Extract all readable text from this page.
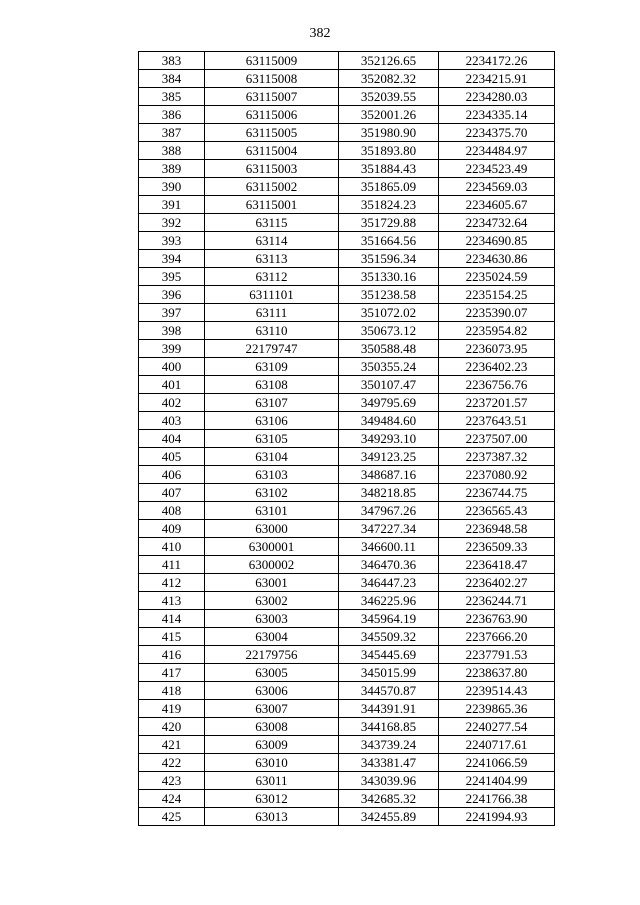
382
383	63115009	352126.65	2234172.26
384	63115008	352082.32	2234215.91
385	63115007	352039.55	2234280.03
386	63115006	352001.26	2234335.14
387	63115005	351980.90	2234375.70
388	63115004	351893.80	2234484.97
389	63115003	351884.43	2234523.49
390	63115002	351865.09	2234569.03
391	63115001	351824.23	2234605.67
392	63115	351729.88	2234732.64
393	63114	351664.56	2234690.85
394	63113	351596.34	2234630.86
395	63112	351330.16	2235024.59
396	6311101	351238.58	2235154.25
397	63111	351072.02	2235390.07
398	63110	350673.12	2235954.82
399	22179747	350588.48	2236073.95
400	63109	350355.24	2236402.23
401	63108	350107.47	2236756.76
402	63107	349795.69	2237201.57
403	63106	349484.60	2237643.51
404	63105	349293.10	2237507.00
405	63104	349123.25	2237387.32
406	63103	348687.16	2237080.92
407	63102	348218.85	2236744.75
408	63101	347967.26	2236565.43
409	63000	347227.34	2236948.58
410	6300001	346600.11	2236509.33
411	6300002	346470.36	2236418.47
412	63001	346447.23	2236402.27
413	63002	346225.96	2236244.71
414	63003	345964.19	2236763.90
415	63004	345509.32	2237666.20
416	22179756	345445.69	2237791.53
417	63005	345015.99	2238637.80
418	63006	344570.87	2239514.43
419	63007	344391.91	2239865.36
420	63008	344168.85	2240277.54
421	63009	343739.24	2240717.61
422	63010	343381.47	2241066.59
423	63011	343039.96	2241404.99
424	63012	342685.32	2241766.38
425	63013	342455.89	2241994.93
